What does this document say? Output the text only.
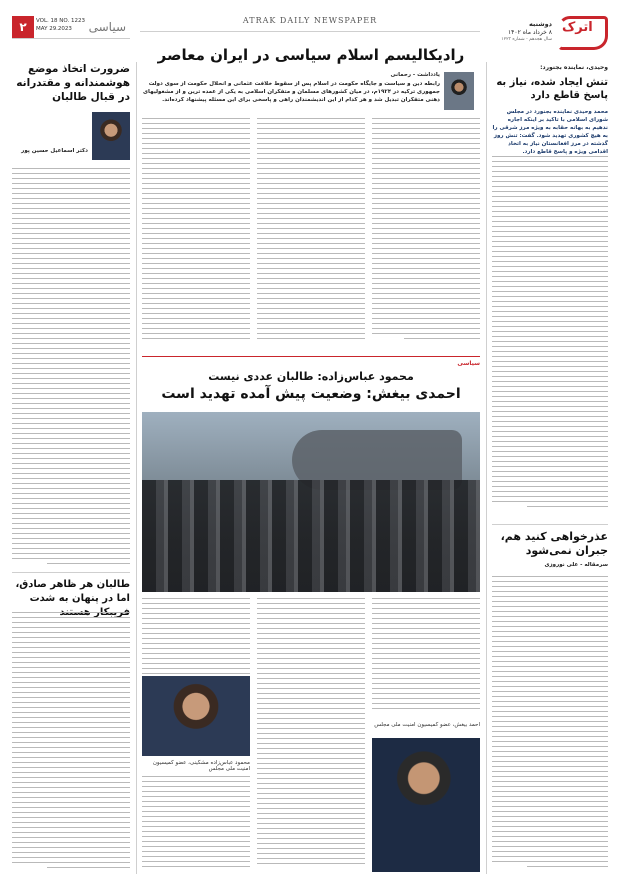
۲	سیاسی
VOL. 18 NO. 1223
MAY 29.2023
ATRAK DAILY NEWSPAPER	دوشنبه
۸ خرداد ماه ۱۴۰۲
سال هجدهم - شماره ۱۲۲۳
اترک
ضرورت اتخاذ موضع هوشمندانه و مقتدرانه در قبال طالبان
دکتر اسماعیل حسین پور
طالبان هر ظاهر صادق، اما در پنهان به شدت
رادیکالیسم اسلام سیاسی در ایران معاصر
یادداشت - رحمانی
رابطه دین و سیاست و جایگاه حکومت در اسلام پس از سقوط خلافت عثمانی و انحلال حکومت از سوی دولت جمهوری ترکیه در ۱۹۲۴م، در میان کشورهای مسلمان و متفکران اسلامی به یکی از عمده ترین و از مشغولیهای ذهنی متفکران تبدیل شد و هر کدام از این اندیشمندان راهی و پاسخی برای این مسئله پیشنهاد کرده‌اند.
سیاسی
محمود عباس‌زاده: طالبان عددی نیست
احمدی بیغش: وضعیت پیش آمده تهدید است
محمود عباس‌زاده مشکینی، عضو کمیسیون امنیت ملی مجلس
احمد بیغش، عضو کمیسیون امنیت ملی مجلس
وحیدی، نماینده بجنورد:
تنش ایجاد شده، نیاز به پاسخ قاطع دارد
محمد وحیدی نماینده بجنورد در مجلس شورای اسلامی با تاکید بر اینکه اجاره ندهیم به بهانه حقابه به ویژه مرز شرقی را به هیچ کشوری تهدید شود. گفت: تنش روز گذشته در مرز افغانستان نیاز به اتخاذ اقدامی ویژه و پاسخ قاطع دارد.
عذرخواهی کنید هم، جبران نمی‌شود
سرمقاله - علی نوروزی
